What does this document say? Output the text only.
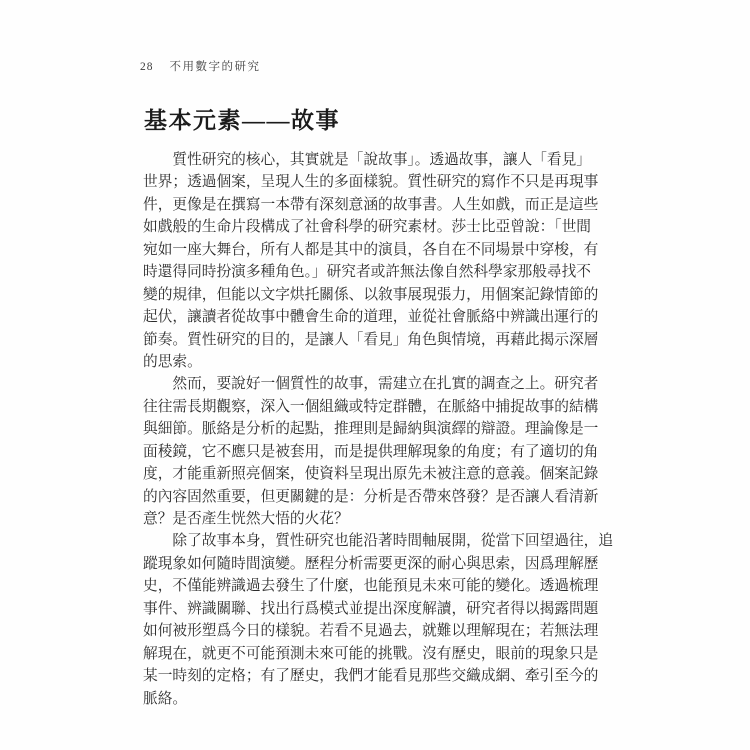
28 不用數字的研究
基本元素——故事
質性研究的核心，其實就是「說故事」。透過故事，讓人「看見」
世界；透過個案，呈現人生的多面樣貌。質性研究的寫作不只是再現事
件，更像是在撰寫一本帶有深刻意涵的故事書。人生如戲，而正是這些
如戲般的生命片段構成了社會科學的研究素材。莎士比亞曾說：「世間
宛如一座大舞台，所有人都是其中的演員，各自在不同場景中穿梭，有
時還得同時扮演多種角色。」研究者或許無法像自然科學家那般尋找不
變的規律，但能以文字烘托關係、以敘事展現張力，用個案記錄情節的
起伏，讓讀者從故事中體會生命的道理，並從社會脈絡中辨識出運行的
節奏。質性研究的目的，是讓人「看見」角色與情境，再藉此揭示深層
的思索。
然而，要說好一個質性的故事，需建立在扎實的調查之上。研究者
往往需長期觀察，深入一個組織或特定群體，在脈絡中捕捉故事的結構
與細節。脈絡是分析的起點，推理則是歸納與演繹的辯證。理論像是一
面稜鏡，它不應只是被套用，而是提供理解現象的角度；有了適切的角
度，才能重新照亮個案，使資料呈現出原先未被注意的意義。個案記錄
的內容固然重要，但更關鍵的是：分析是否帶來啓發？是否讓人看清新
意？是否產生恍然大悟的火花？
除了故事本身，質性研究也能沿著時間軸展開，從當下回望過往，追
蹤現象如何隨時間演變。歷程分析需要更深的耐心與思索，因爲理解歷
史，不僅能辨識過去發生了什麼，也能預見未來可能的變化。透過梳理
事件、辨識關聯、找出行爲模式並提出深度解讀，研究者得以揭露問題
如何被形塑爲今日的樣貌。若看不見過去，就難以理解現在；若無法理
解現在，就更不可能預測未來可能的挑戰。沒有歷史，眼前的現象只是
某一時刻的定格；有了歷史，我們才能看見那些交織成網、牽引至今的
脈絡。
